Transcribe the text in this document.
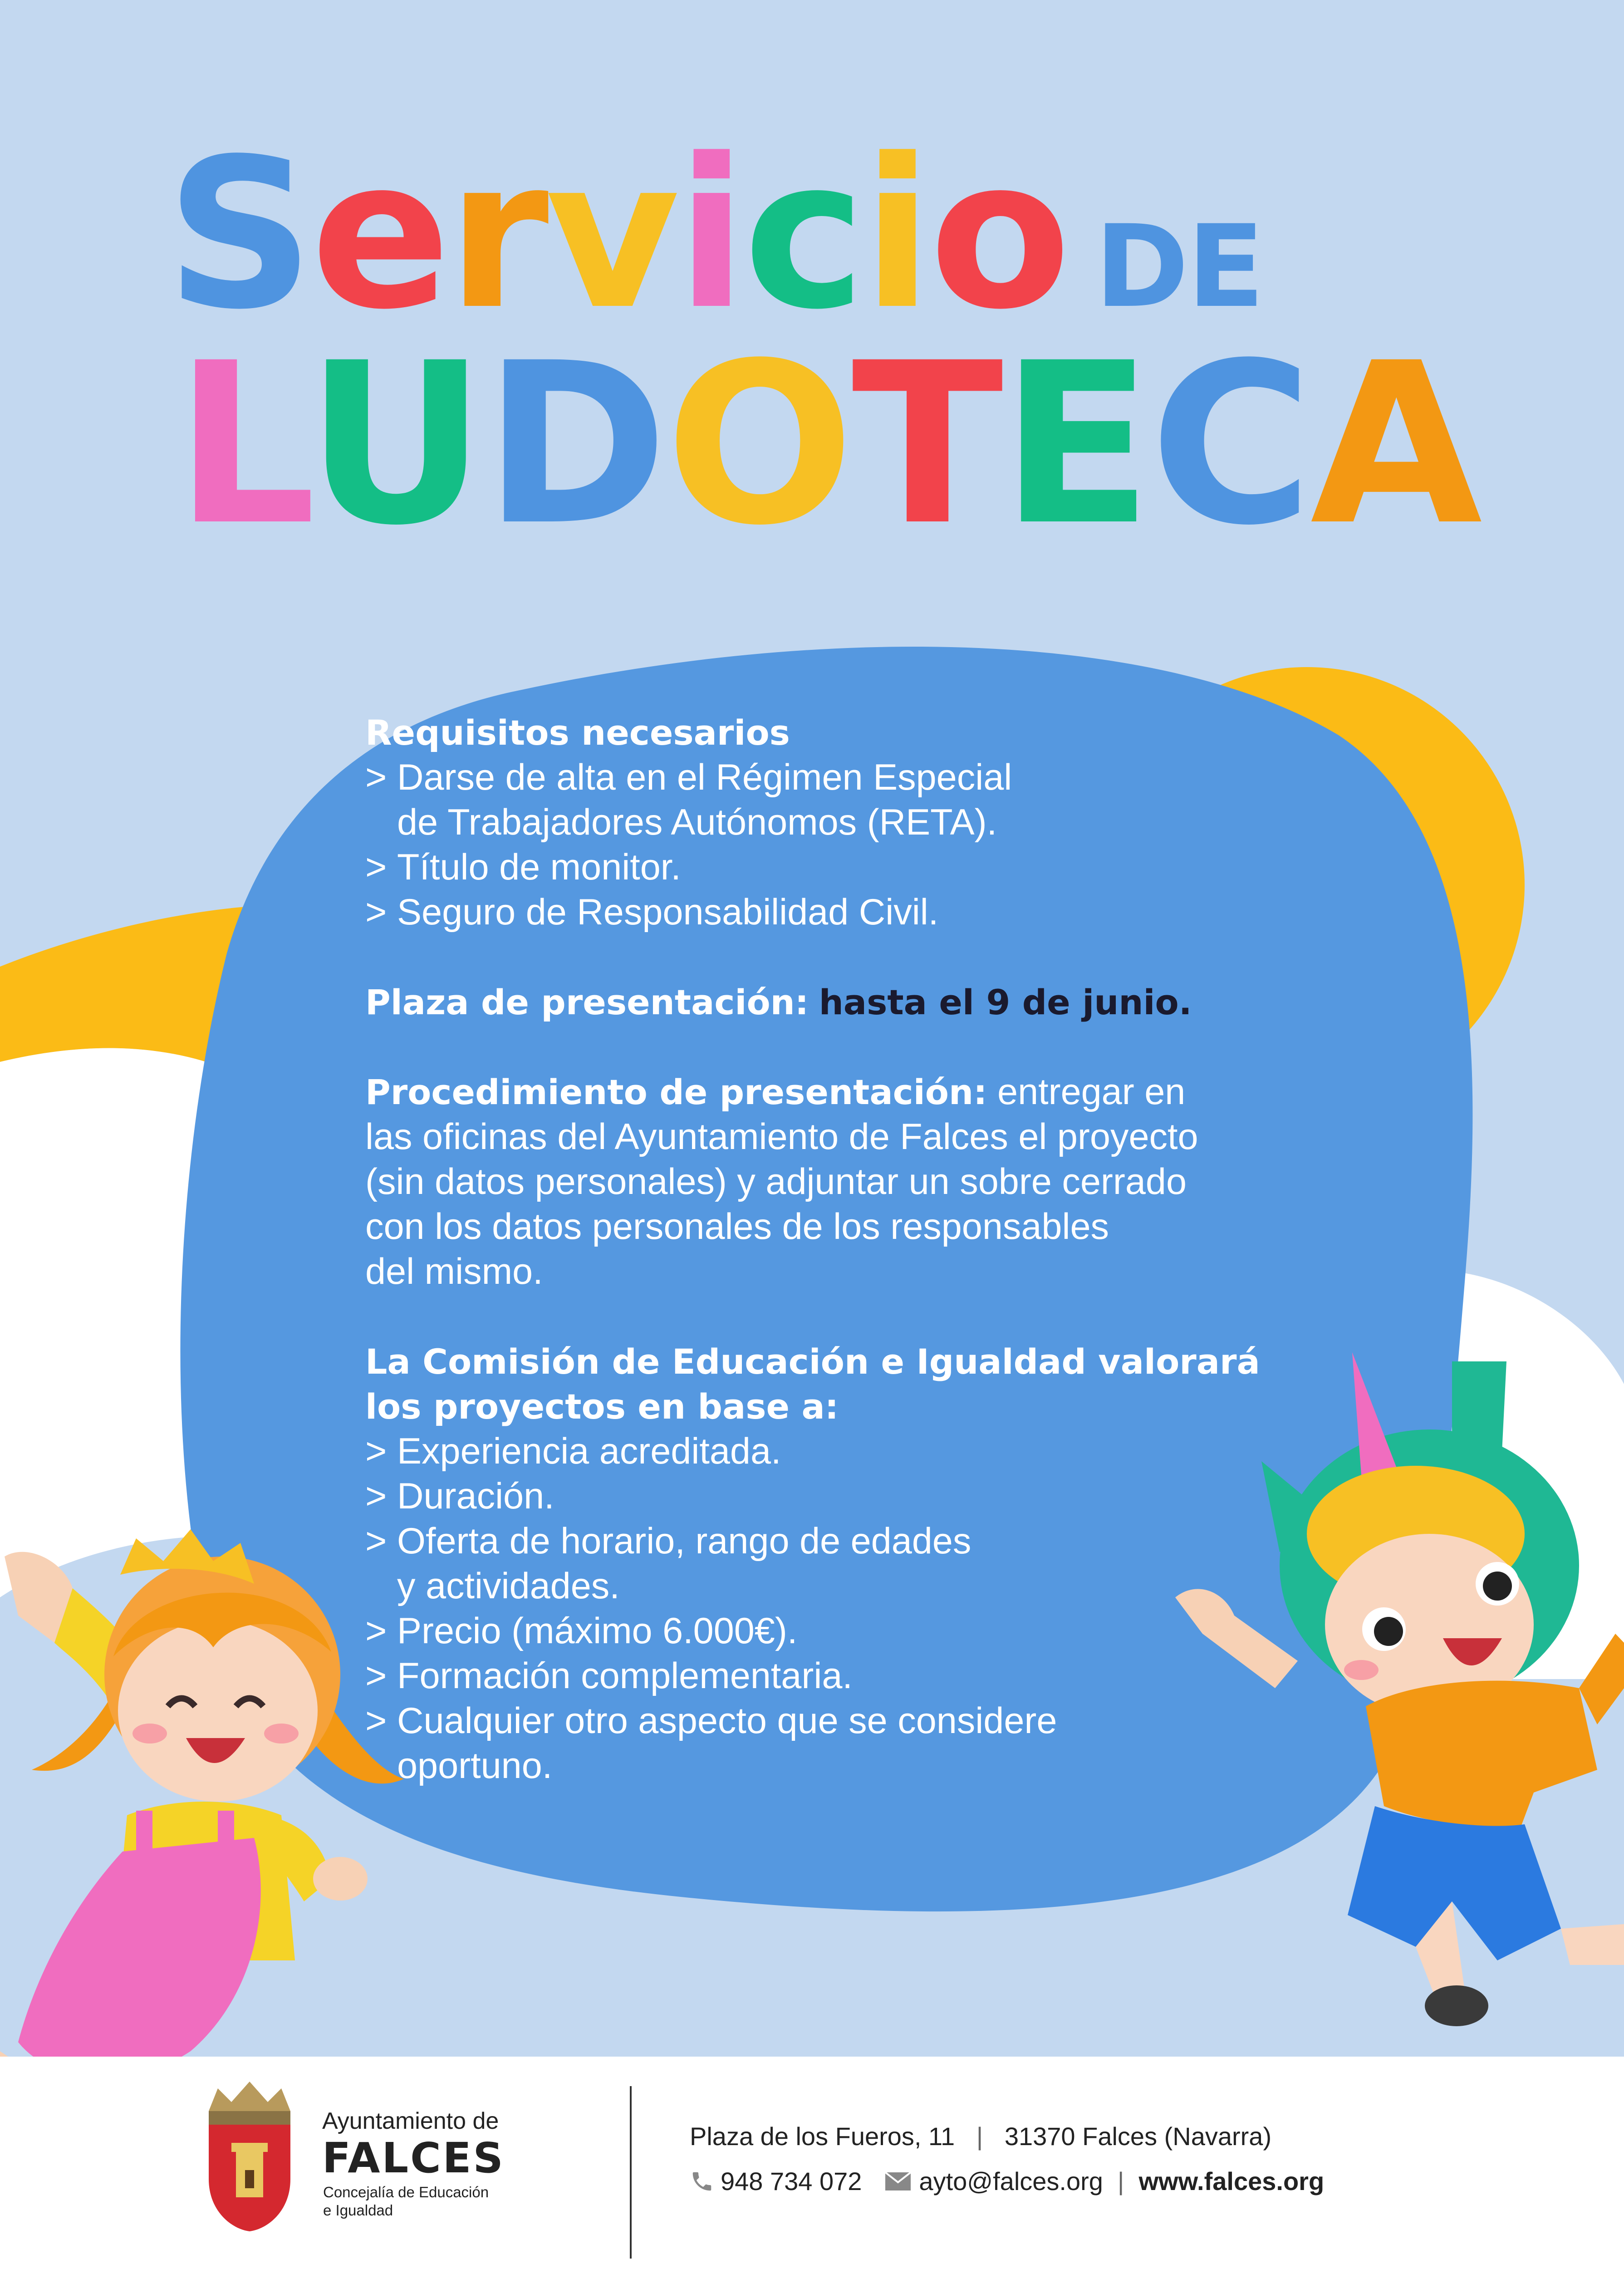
Servicio DE
LUDOTECA

Requisitos necesarios

> Darse de alta en el Régimen Especial
de Trabajadores Autónomos (RETA).
> Título de monitor.
> Seguro de Responsabilidad Civil.

Plaza de presentación: hasta el 9 de junio.

Procedimiento de presentación: entregar en

las oficinas del Ayuntamiento de Falces el proyecto

(sin datos personales) y adjuntar un sobre cerrado

con los datos personales de los responsables

del mismo.

La Comisión de Educación e Igualdad valorará

los proyectos en base a:

> Experiencia acreditada.
> Duración.
> Oferta de horario, rango de edades
y actividades.
> Precio (máximo 6.000€).
> Formación complementaria.
> Cualquier otro aspecto que se considere
oportuno.
Ayuntamiento de
FALCES
Concejalía de Educación
e Igualdad
Plaza de los Fueros, 11 | 31370 Falces (Navarra)
948 734 072 ayto@falces.org | www.falces.org
